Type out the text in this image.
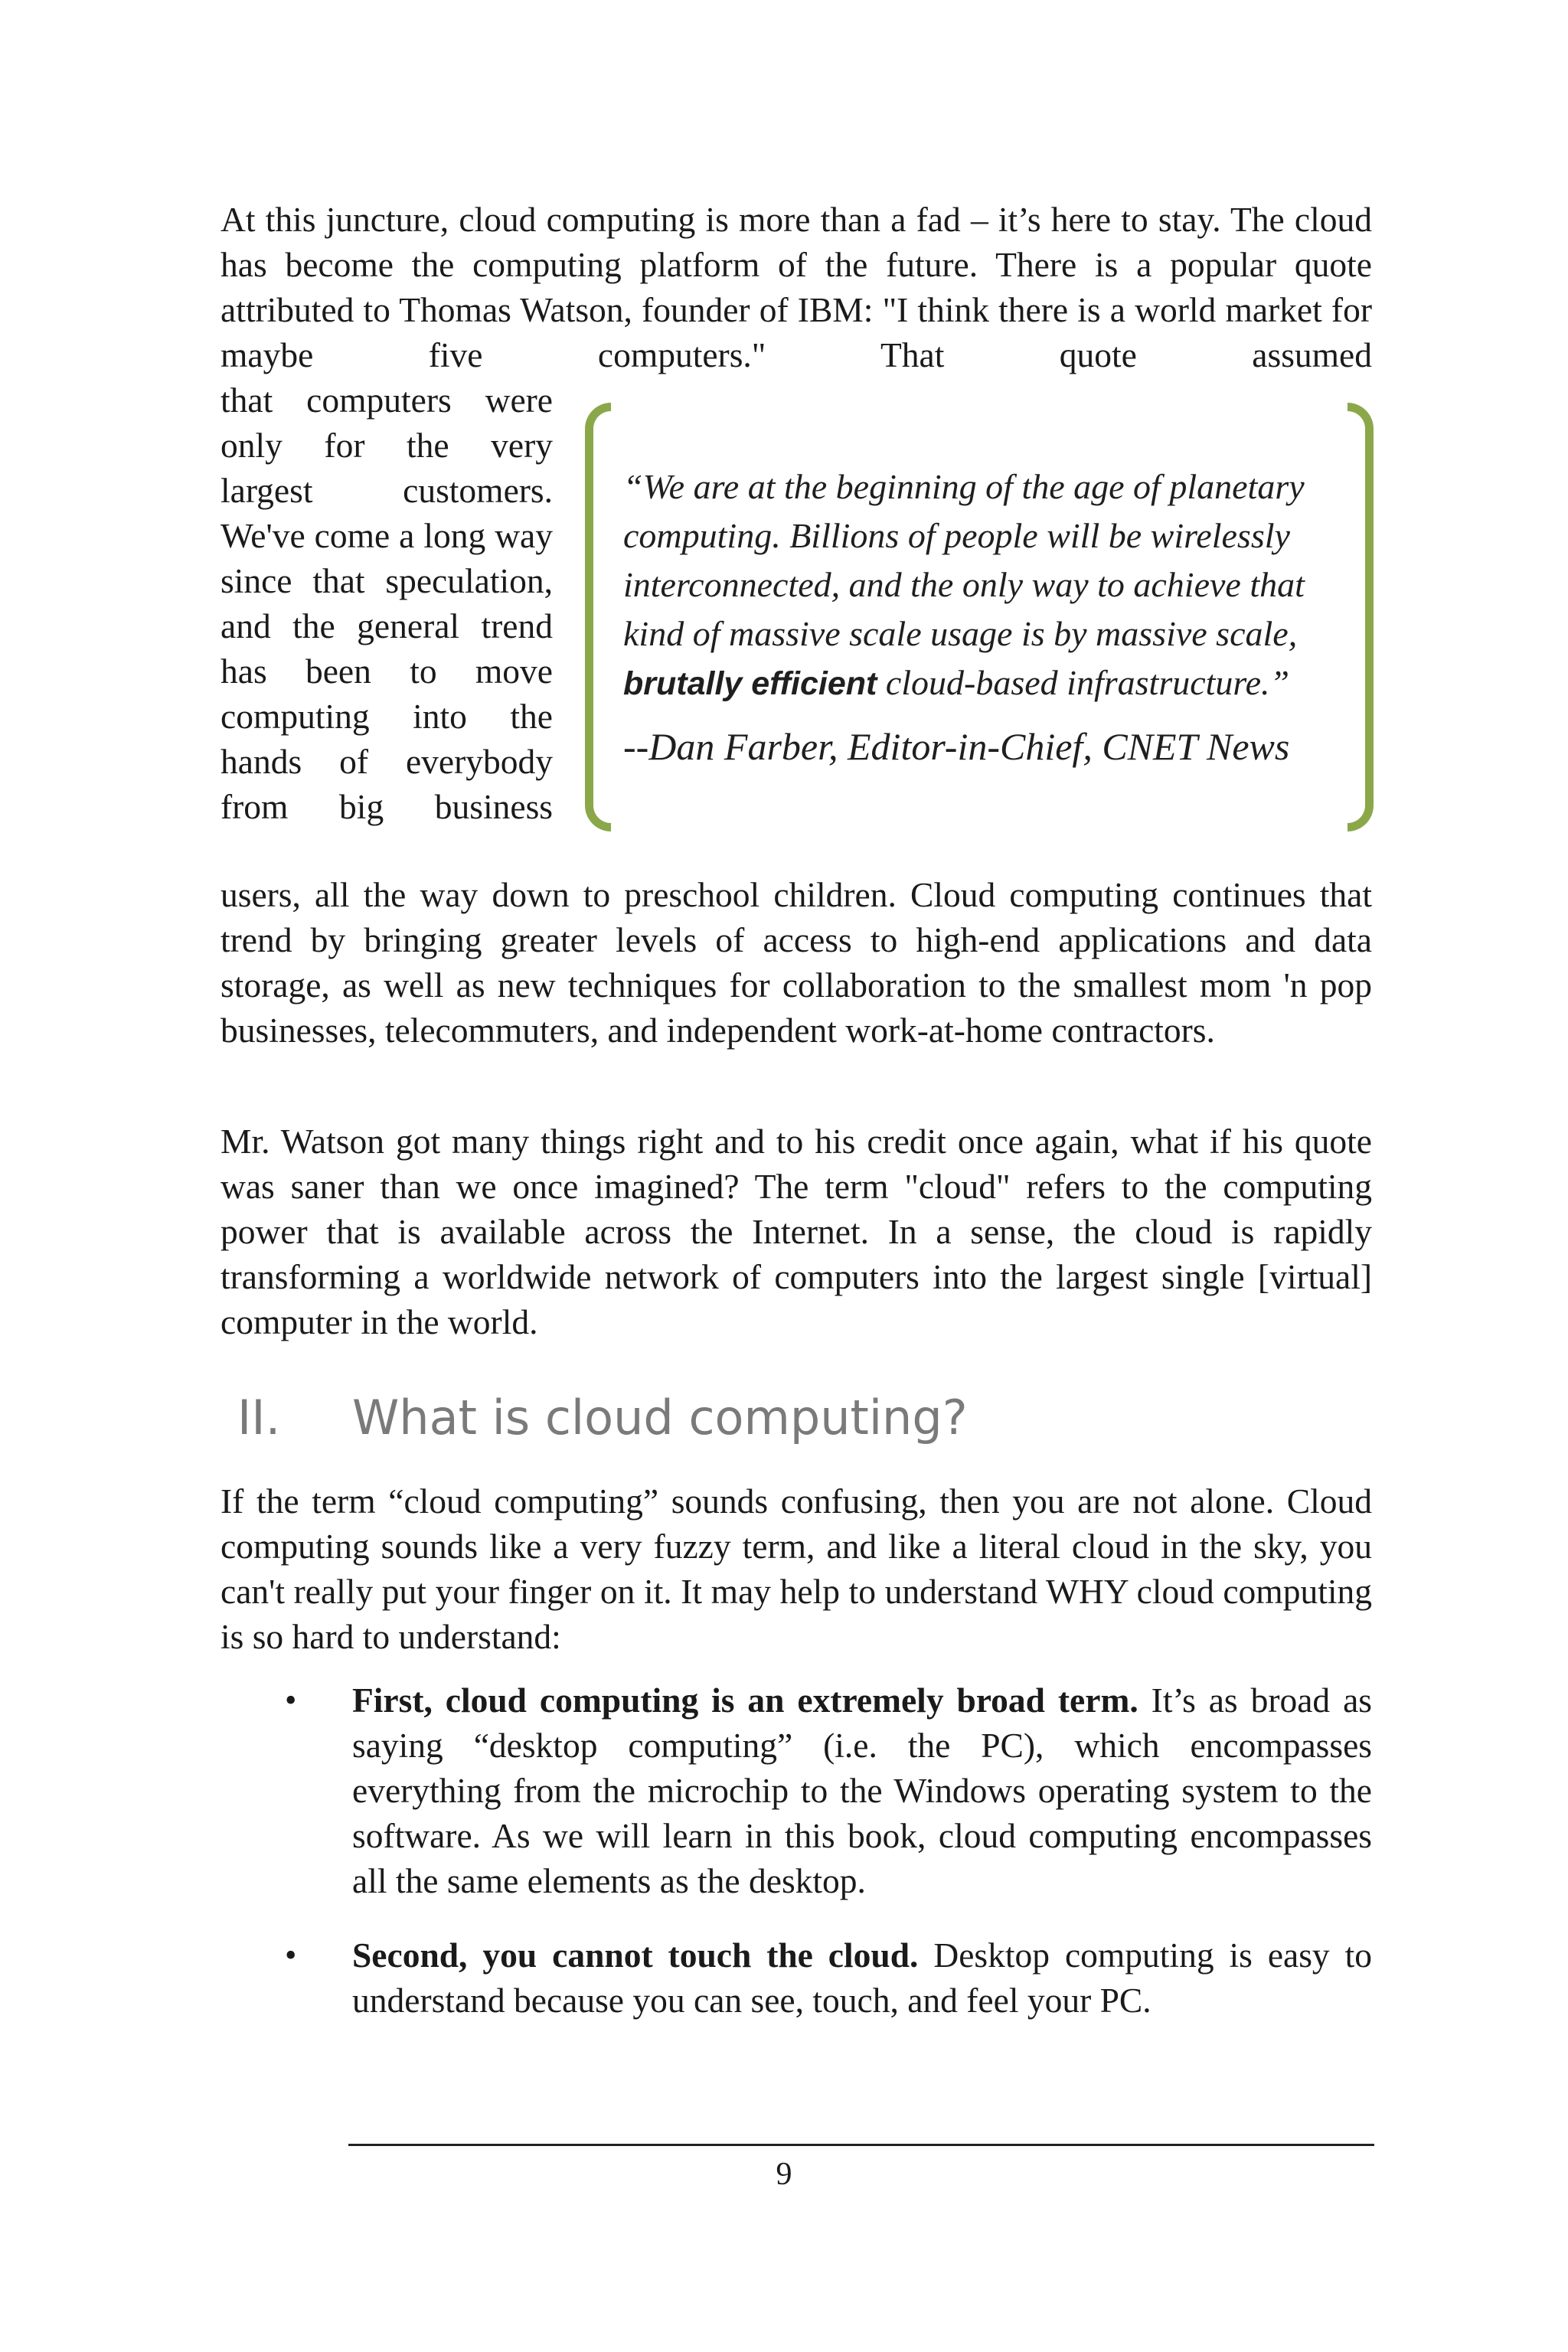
At this juncture, cloud computing is more than a fad – it’s here to stay. The cloud has become the computing platform of the future. There is a popular quote attributed to Thomas Watson, founder of IBM: "I think there is a world market for maybe five computers." That quote assumed
that computers were only for the very largest customers. We've come a long way since that speculation, and the general trend has been to move computing into the hands of everybody from big business
“We are at the beginning of the age of planetary computing. Billions of people will be wirelessly interconnected, and the only way to achieve that kind of massive scale usage is by massive scale, brutally efficient cloud-based infrastructure.”
--Dan Farber, Editor-in-Chief, CNET News
users, all the way down to preschool children. Cloud computing continues that trend by bringing greater levels of access to high-end applications and data storage, as well as new techniques for collaboration to the smallest mom 'n pop businesses, telecommuters, and independent work-at-home contractors.
Mr. Watson got many things right and to his credit once again, what if his quote was saner than we once imagined? The term "cloud" refers to the computing power that is available across the Internet. In a sense, the cloud is rapidly transforming a worldwide network of computers into the largest single [virtual] computer in the world.
II. What is cloud computing?
If the term “cloud computing” sounds confusing, then you are not alone. Cloud computing sounds like a very fuzzy term, and like a literal cloud in the sky, you can't really put your finger on it. It may help to understand WHY cloud computing is so hard to understand:
•	First, cloud computing is an extremely broad term. It’s as broad as saying “desktop computing” (i.e. the PC), which encompasses everything from the microchip to the Windows operating system to the software. As we will learn in this book, cloud computing encompasses all the same elements as the desktop.
•	Second, you cannot touch the cloud. Desktop computing is easy to understand because you can see, touch, and feel your PC.
9
